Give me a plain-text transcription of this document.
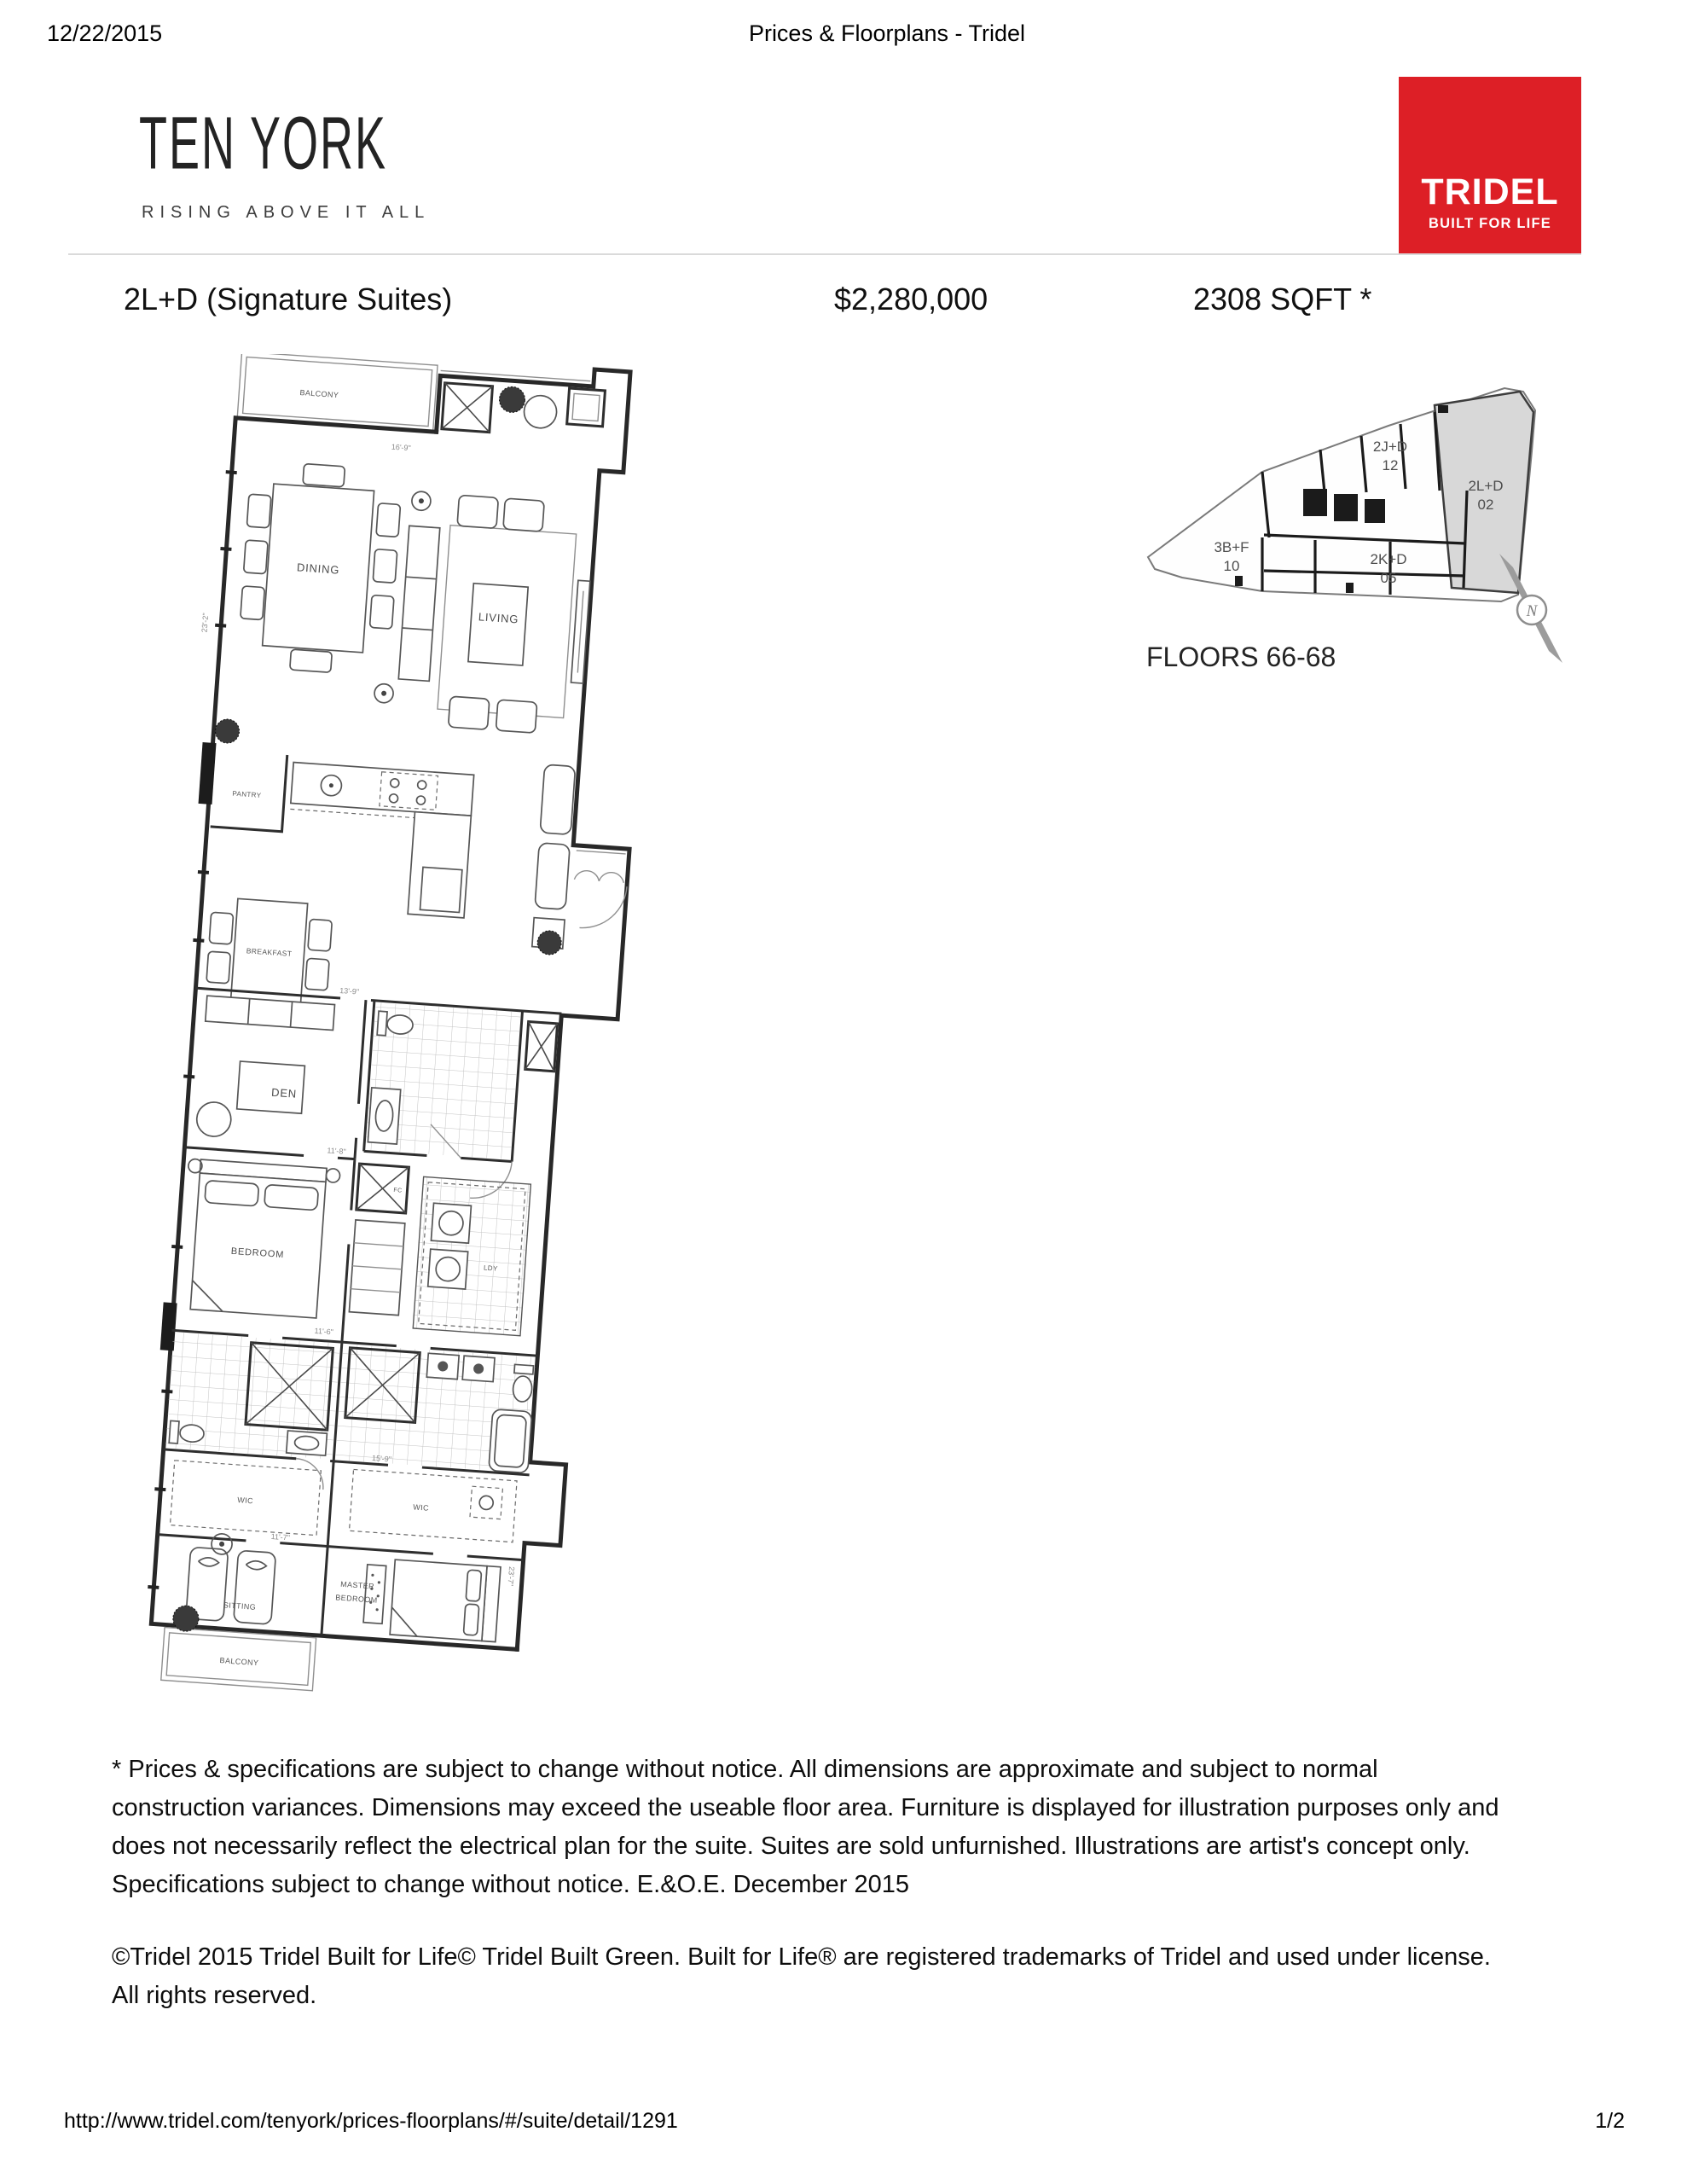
12/22/2015	Prices & Floorplans - Tridel
TEN YORK
RISING ABOVE IT ALL	TRIDEL
BUILT FOR LIFE
2L+D (Signature Suites)	$2,280,000	2308 SQFT *
BALCONY
DINING
LIVING
PANTRY
BREAKFAST
DEN
13'-9"
BEDROOM
FC
11'-8"
11'-6"
LDY
15'-9"
WIC
WIC
SITTING
11'-7"
MASTER
BEDROOM
23'-7"
BALCONY
16'-9"
23'-2"
2J+D
12
2L+D
02
3B+F
10	2K+D
05
N
FLOORS 66-68
* Prices & specifications are subject to change without notice. All dimensions are approximate and subject to normal
construction variances. Dimensions may exceed the useable floor area. Furniture is displayed for illustration purposes only and
does not necessarily reflect the electrical plan for the suite. Suites are sold unfurnished. Illustrations are artist's concept only.
Specifications subject to change without notice. E.&O.E. December 2015
©Tridel 2015 Tridel Built for Life© Tridel Built Green. Built for Life® are registered trademarks of Tridel and used under license.
All rights reserved.
http://www.tridel.com/tenyork/prices-floorplans/#/suite/detail/1291	1/2
